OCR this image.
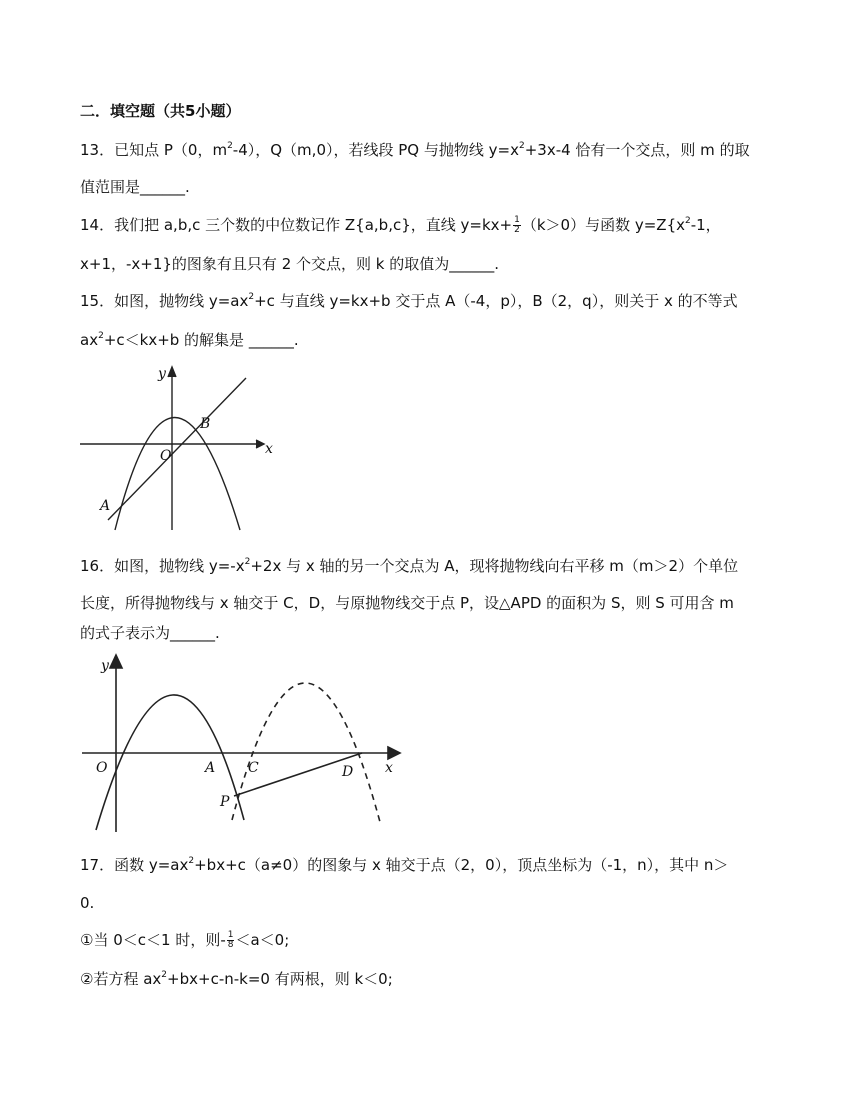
二．填空题（共5小题）
13．已知点 P（0，$m^2-4$），Q（m,0），若线段 PQ 与抛物线 $y=x^2+3x-4$ 恰有一个交点，则 m 的取
值范围是______.
14．我们把 a,b,c 三个数的中位数记作 Z{a,b,c}，直线 $y=kx+ \frac{1}{2} (k>0)$与函数 $y=Z\{x^2-1$，
x+1，-x+1}的图象有且只有 2 个交点，则 k 的取值为______.
15．如图，抛物线 $y=ax^2+c$ 与直线 y=kx+b 交于点 A（-4，p），B（2，q），则关于 x 的不等式
$ax^2+c<kx+b$ 的解集是 ______.
y
x
O
A
B
16．如图，抛物线 $y=-x^2+2x$ 与 x 轴的另一个交点为 A，现将抛物线向右平移 m（m＞2）个单位
长度，所得抛物线与 x 轴交于 C，D，与原抛物线交于点 P，设△APD 的面积为 S，则 S 可用含 m
的式子表示为______.
y
x
O	A C	D
P
17．函数 $y=ax^2+bx+c(a\ne 0)$的图象与 x 轴交于点（2，0），顶点坐标为（-1，n），其中 n＞
0.
①当 0＜c＜1 时，则- $\frac{1}{8} <a<0$;
②若方程 $ax^2+bx+c-n-k=0$ 有两根，则 k＜0;
